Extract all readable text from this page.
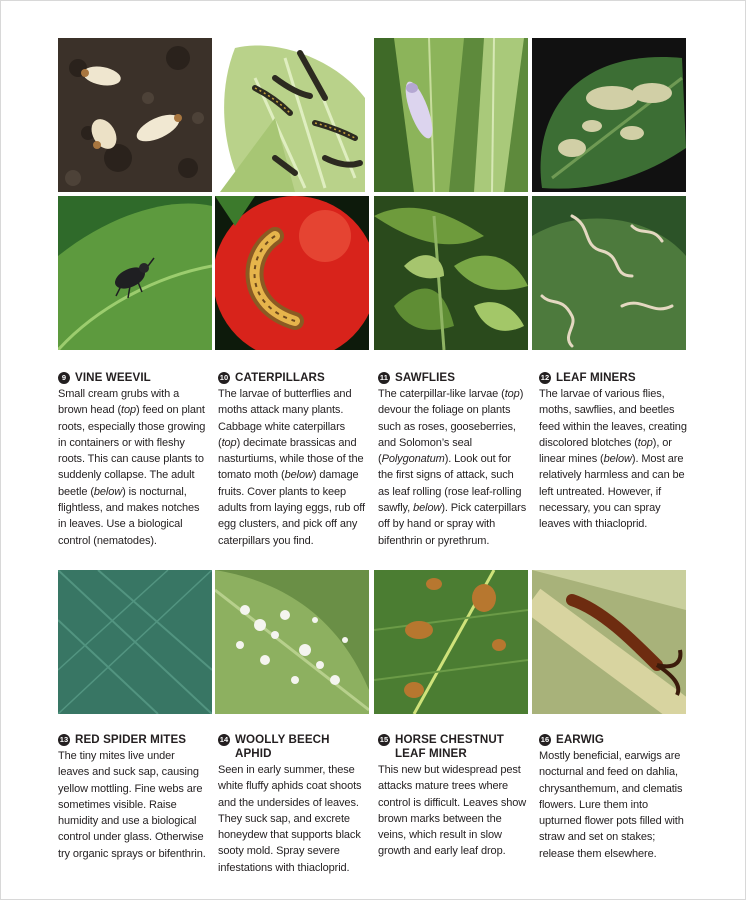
9 VINE WEEVIL
Small cream grubs with a brown head (top) feed on plant roots, especially those growing in containers or with fleshy roots. This can cause plants to suddenly collapse. The adult beetle (below) is nocturnal, flightless, and makes notches in leaves. Use a biological control (nematodes).
10 CATERPILLARS
The larvae of butterflies and moths attack many plants. Cabbage white caterpillars (top) decimate brassicas and nasturtiums, while those of the tomato moth (below) damage fruits. Cover plants to keep adults from laying eggs, rub off egg clusters, and pick off any caterpillars you find.
11 SAWFLIES
The caterpillar-like larvae (top) devour the foliage on plants such as roses, gooseberries, and Solomon’s seal (Polygonatum). Look out for the first signs of attack, such as leaf rolling (rose leaf-rolling sawfly, below). Pick caterpillars off by hand or spray with bifenthrin or pyrethrum.
12 LEAF MINERS
The larvae of various flies, moths, sawflies, and beetles feed within the leaves, creating discolored blotches (top), or linear mines (below). Most are relatively harmless and can be left untreated. However, if necessary, you can spray leaves with thiacloprid.
13 RED SPIDER MITES
The tiny mites live under leaves and suck sap, causing yellow mottling. Fine webs are sometimes visible. Raise humidity and use a biological control under glass. Otherwise try organic sprays or bifenthrin.
14 WOOLLY BEECH APHID
Seen in early summer, these white fluffy aphids coat shoots and the undersides of leaves. They suck sap, and excrete honeydew that supports black sooty mold. Spray severe infestations with thiacloprid.
15 HORSE CHESTNUT LEAF MINER
This new but widespread pest attacks mature trees where control is difficult. Leaves show brown marks between the veins, which result in slow growth and early leaf drop.
16 EARWIG
Mostly beneficial, earwigs are nocturnal and feed on dahlia, chrysanthemum, and clematis flowers. Lure them into upturned flower pots filled with straw and set on stakes; release them elsewhere.
